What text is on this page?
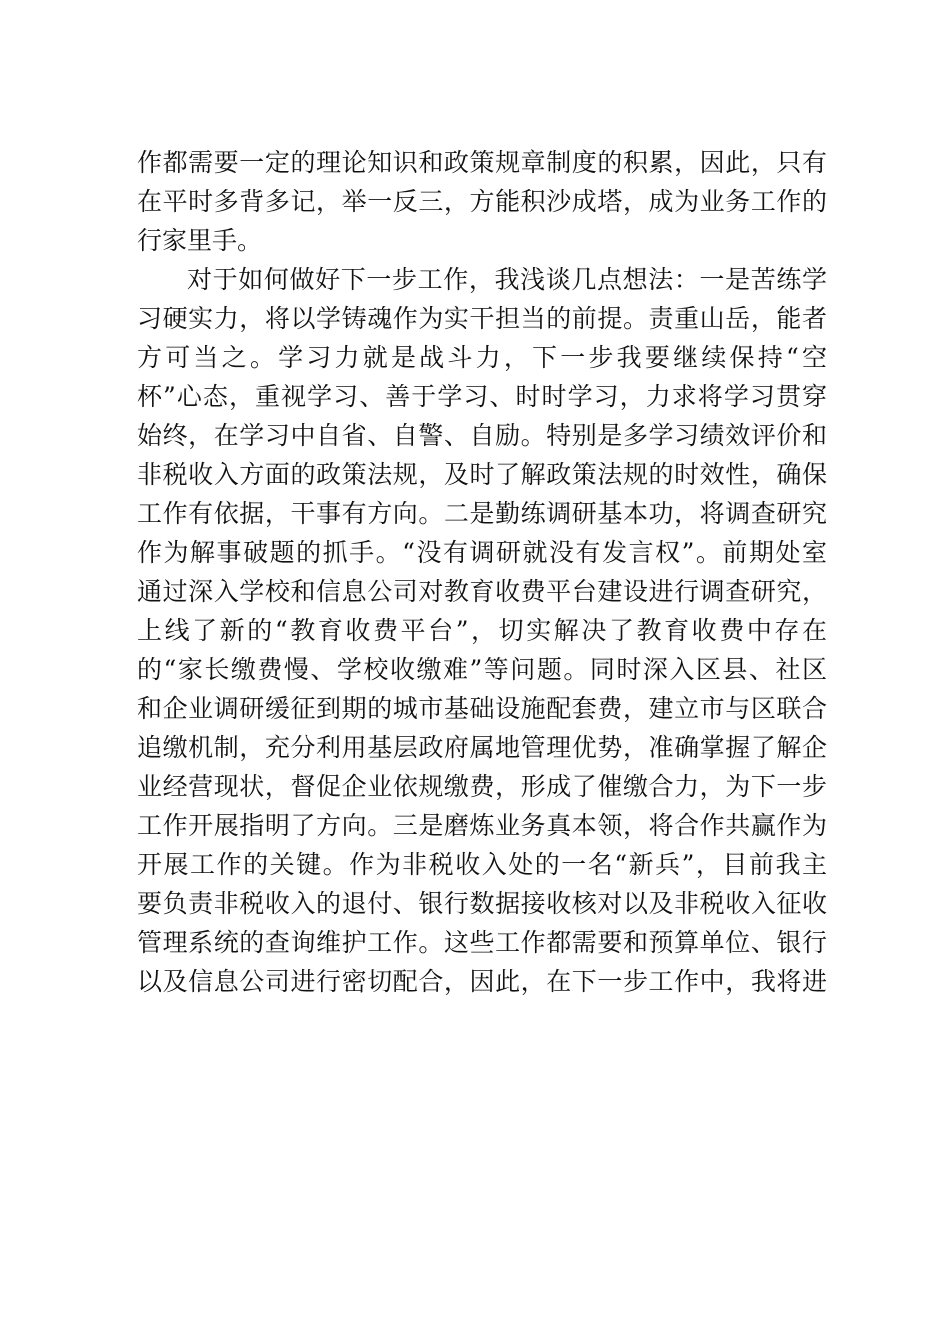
作都需要一定的理论知识和政策规章制度的积累，因此，只有
在平时多背多记，举一反三，方能积沙成塔，成为业务工作的
行家里手。
对于如何做好下一步工作，我浅谈几点想法：一是苦练学
习硬实力，将以学铸魂作为实干担当的前提。责重山岳，能者
方可当之。学习力就是战斗力，下一步我要继续保持“空
杯”心态，重视学习、善于学习、时时学习，力求将学习贯穿
始终，在学习中自省、自警、自励。特别是多学习绩效评价和
非税收入方面的政策法规，及时了解政策法规的时效性，确保
工作有依据，干事有方向。二是勤练调研基本功，将调查研究
作为解事破题的抓手。“没有调研就没有发言权”。前期处室
通过深入学校和信息公司对教育收费平台建设进行调查研究，
上线了新的“教育收费平台”，切实解决了教育收费中存在
的“家长缴费慢、学校收缴难”等问题。同时深入区县、社区
和企业调研缓征到期的城市基础设施配套费，建立市与区联合
追缴机制，充分利用基层政府属地管理优势，准确掌握了解企
业经营现状，督促企业依规缴费，形成了催缴合力，为下一步
工作开展指明了方向。三是磨炼业务真本领，将合作共赢作为
开展工作的关键。作为非税收入处的一名“新兵”，目前我主
要负责非税收入的退付、银行数据接收核对以及非税收入征收
管理系统的查询维护工作。这些工作都需要和预算单位、银行
以及信息公司进行密切配合，因此，在下一步工作中，我将进
